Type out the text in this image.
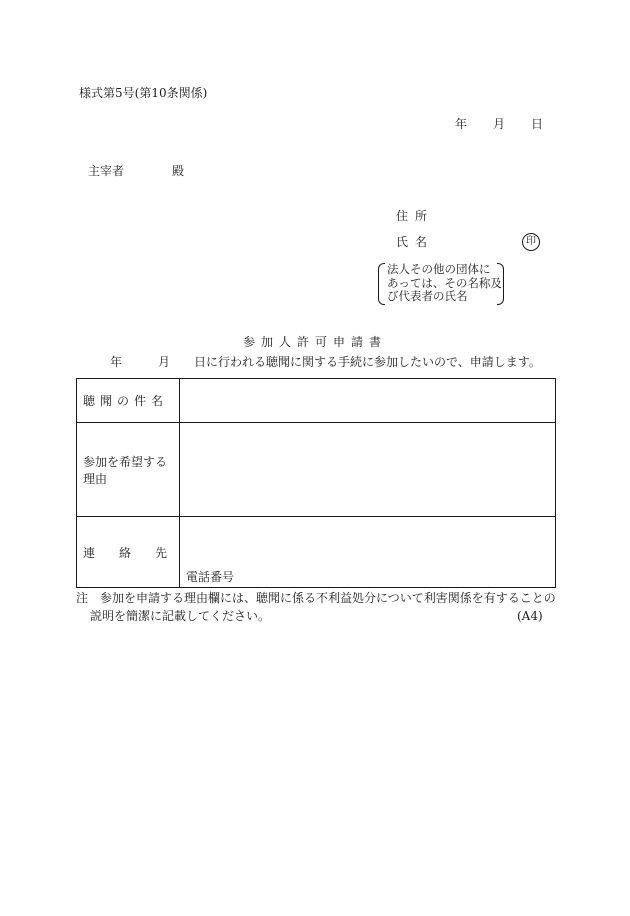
様式第5号(第10条関係)
年 月 日
主宰者	殿
住所
氏名	印
法人その他の団体に
あっては、その名称及
び代表者の氏名
参加人許可申請書
年	月 日に行われる聴聞に関する手続に参加したいので、申請します。
聴聞の件名	

参加を希望する
理由	

連 絡 先	電話番号
注　参加を申請する理由欄には、聴聞に係る不利益処分について利害関係を有することの
説明を簡潔に記載してください。	(A4)
